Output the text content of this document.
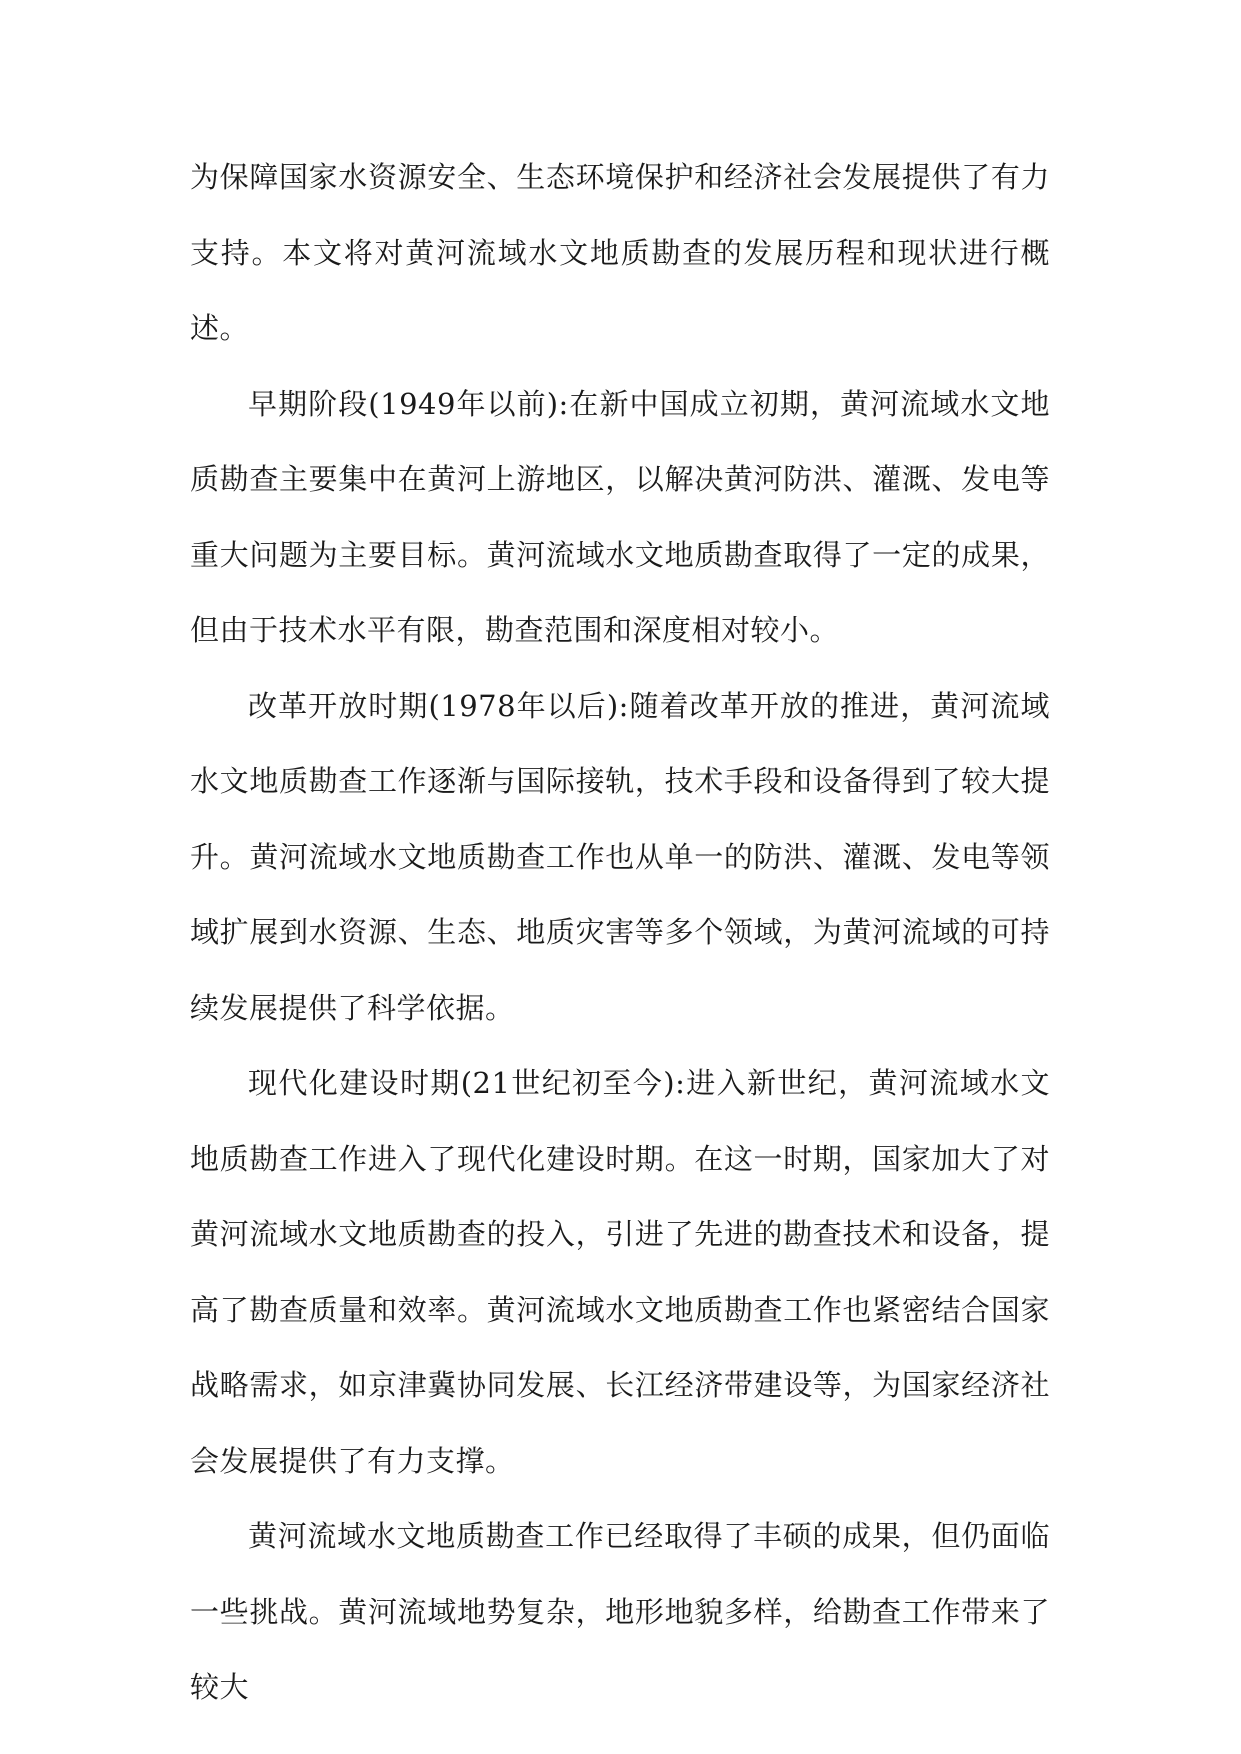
为保障国家水资源安全、生态环境保护和经济社会发展提供了有力支持。本文将对黄河流域水文地质勘查的发展历程和现状进行概述。

早期阶段(1949年以前):在新中国成立初期，黄河流域水文地质勘查主要集中在黄河上游地区，以解决黄河防洪、灌溉、发电等重大问题为主要目标。黄河流域水文地质勘查取得了一定的成果，但由于技术水平有限，勘查范围和深度相对较小。

改革开放时期(1978年以后):随着改革开放的推进，黄河流域水文地质勘查工作逐渐与国际接轨，技术手段和设备得到了较大提升。黄河流域水文地质勘查工作也从单一的防洪、灌溉、发电等领域扩展到水资源、生态、地质灾害等多个领域，为黄河流域的可持续发展提供了科学依据。

现代化建设时期(21世纪初至今):进入新世纪，黄河流域水文地质勘查工作进入了现代化建设时期。在这一时期，国家加大了对黄河流域水文地质勘查的投入，引进了先进的勘查技术和设备，提高了勘查质量和效率。黄河流域水文地质勘查工作也紧密结合国家战略需求，如京津冀协同发展、长江经济带建设等，为国家经济社会发展提供了有力支撑。

黄河流域水文地质勘查工作已经取得了丰硕的成果，但仍面临一些挑战。黄河流域地势复杂，地形地貌多样，给勘查工作带来了较大
